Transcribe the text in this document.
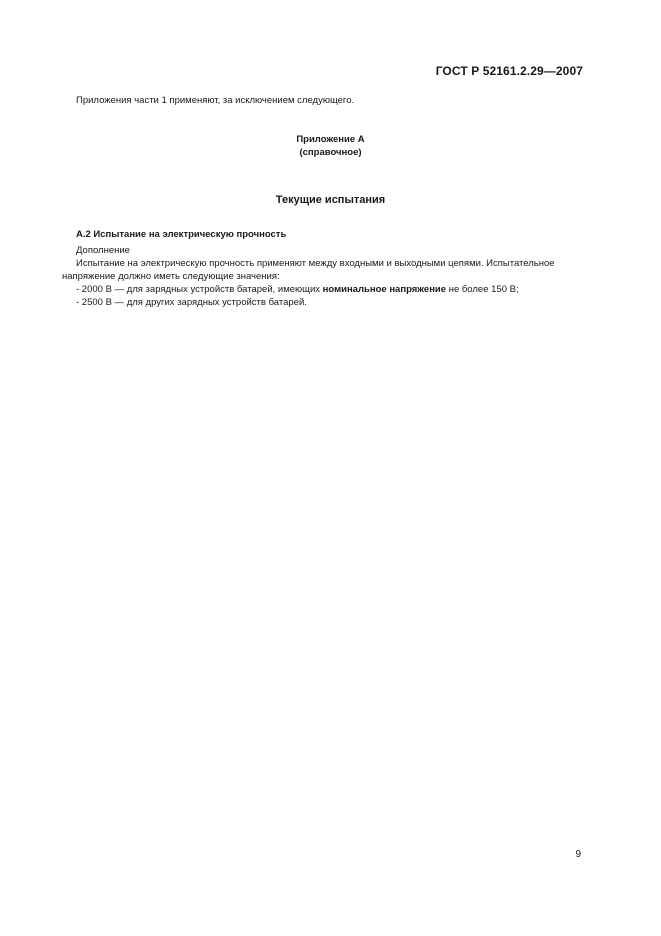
ГОСТ Р 52161.2.29—2007
Приложения части 1 применяют, за исключением следующего.
Приложение А
(справочное)
Текущие испытания
А.2 Испытание на электрическую прочность
Дополнение
Испытание на электрическую прочность применяют между входными и выходными цепями. Испытательное
напряжение должно иметь следующие значения:
- 2000 В — для зарядных устройств батарей, имеющих номинальное напряжение не более 150 В;
- 2500 В — для других зарядных устройств батарей.
9
